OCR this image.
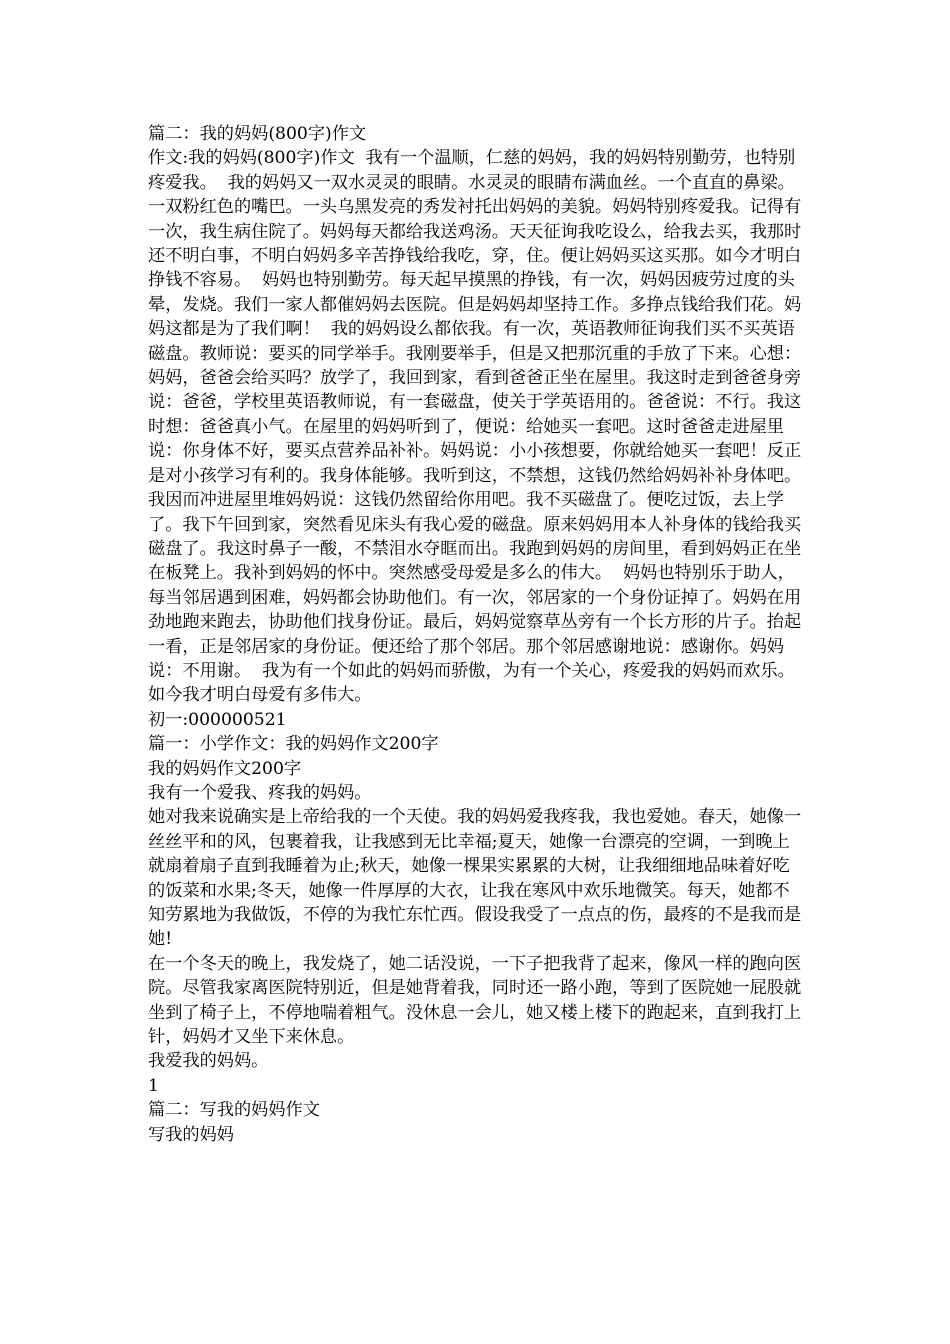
篇二：我的妈妈(800字)作文
作文:我的妈妈(800字)作文  我有一个温顺，仁慈的妈妈，我的妈妈特别勤劳，也特别疼爱我。  我的妈妈又一双水灵灵的眼睛。水灵灵的眼睛布满血丝。一个直直的鼻梁。一双粉红色的嘴巴。一头乌黑发亮的秀发衬托出妈妈的美貌。妈妈特别疼爱我。记得有一次，我生病住院了。妈妈每天都给我送鸡汤。天天征询我吃设么，给我去买，我那时还不明白事，不明白妈妈多辛苦挣钱给我吃，穿，住。便让妈妈买这买那。如今才明白挣钱不容易。  妈妈也特别勤劳。每天起早摸黑的挣钱，有一次，妈妈因疲劳过度的头晕，发烧。我们一家人都催妈妈去医院。但是妈妈却坚持工作。多挣点钱给我们花。妈妈这都是为了我们啊！  我的妈妈设么都依我。有一次，英语教师征询我们买不买英语磁盘。教师说：要买的同学举手。我刚要举手，但是又把那沉重的手放了下来。心想：妈妈，爸爸会给买吗？放学了，我回到家，看到爸爸正坐在屋里。我这时走到爸爸身旁说：爸爸，学校里英语教师说，有一套磁盘，使关于学英语用的。爸爸说：不行。我这时想：爸爸真小气。在屋里的妈妈听到了，便说：给她买一套吧。这时爸爸走进屋里说：你身体不好，要买点营养品补补。妈妈说：小小孩想要，你就给她买一套吧！反正是对小孩学习有利的。我身体能够。我听到这，不禁想，这钱仍然给妈妈补补身体吧。我因而冲进屋里堆妈妈说：这钱仍然留给你用吧。我不买磁盘了。便吃过饭，去上学了。我下午回到家，突然看见床头有我心爱的磁盘。原来妈妈用本人补身体的钱给我买磁盘了。我这时鼻子一酸，不禁泪水夺眶而出。我跑到妈妈的房间里，看到妈妈正在坐在板凳上。我补到妈妈的怀中。突然感受母爱是多么的伟大。  妈妈也特别乐于助人，每当邻居遇到困难，妈妈都会协助他们。有一次，邻居家的一个身份证掉了。妈妈在用劲地跑来跑去，协助他们找身份证。最后，妈妈觉察草丛旁有一个长方形的片子。抬起一看，正是邻居家的身份证。便还给了那个邻居。那个邻居感谢地说：感谢你。妈妈说：不用谢。  我为有一个如此的妈妈而骄傲，为有一个关心，疼爱我的妈妈而欢乐。如今我才明白母爱有多伟大。
初一:000000521
篇一：小学作文：我的妈妈作文200字
我的妈妈作文200字
我有一个爱我、疼我的妈妈。
她对我来说确实是上帝给我的一个天使。我的妈妈爱我疼我，我也爱她。春天，她像一丝丝平和的风，包裹着我，让我感到无比幸福;夏天，她像一台漂亮的空调，一到晚上就扇着扇子直到我睡着为止;秋天，她像一棵果实累累的大树，让我细细地品味着好吃的饭菜和水果;冬天，她像一件厚厚的大衣，让我在寒风中欢乐地微笑。每天，她都不知劳累地为我做饭，不停的为我忙东忙西。假设我受了一点点的伤，最疼的不是我而是她!
在一个冬天的晚上，我发烧了，她二话没说，一下子把我背了起来，像风一样的跑向医院。尽管我家离医院特别近，但是她背着我，同时还一路小跑，等到了医院她一屁股就坐到了椅子上，不停地喘着粗气。没休息一会儿，她又楼上楼下的跑起来，直到我打上针，妈妈才又坐下来休息。
我爱我的妈妈。
1
篇二：写我的妈妈作文
写我的妈妈
